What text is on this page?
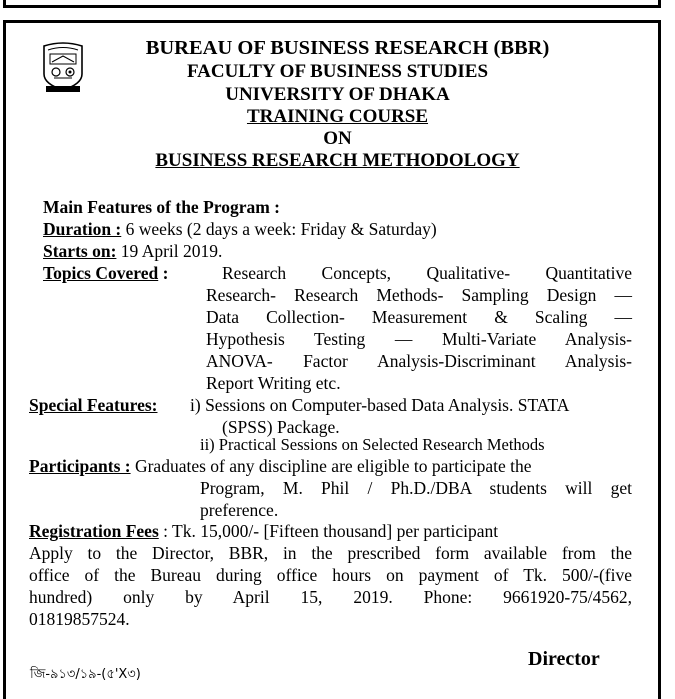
BUREAU OF BUSINESS RESEARCH (BBR)
FACULTY OF BUSINESS STUDIES
UNIVERSITY OF DHAKA
TRAINING COURSE
ON
BUSINESS RESEARCH METHODOLOGY
Main Features of the Program :
Duration : 6 weeks (2 days a week: Friday & Saturday)
Starts on: 19 April 2019.
Topics Covered :	Research Concepts, Qualitative- Quantitative
Research- Research Methods- Sampling Design —
Data Collection- Measurement & Scaling —
Hypothesis Testing — Multi-Variate Analysis-
ANOVA- Factor Analysis-Discriminant Analysis-
Report Writing etc.
Special Features: i) Sessions on Computer-based Data Analysis. STATA
(SPSS) Package.
ii) Practical Sessions on Selected Research Methods
Participants : Graduates of any discipline are eligible to participate the
Program, M. Phil / Ph.D./DBA students will get
preference.
Registration Fees : Tk. 15,000/- [Fifteen thousand] per participant
Apply to the Director, BBR, in the prescribed form available from the
office of the Bureau during office hours on payment of Tk. 500/-(five
hundred) only by April 15, 2019. Phone: 9661920-75/4562,
01819857524.
Director
জি-৯১৩/১৯-(৫'X৩)
